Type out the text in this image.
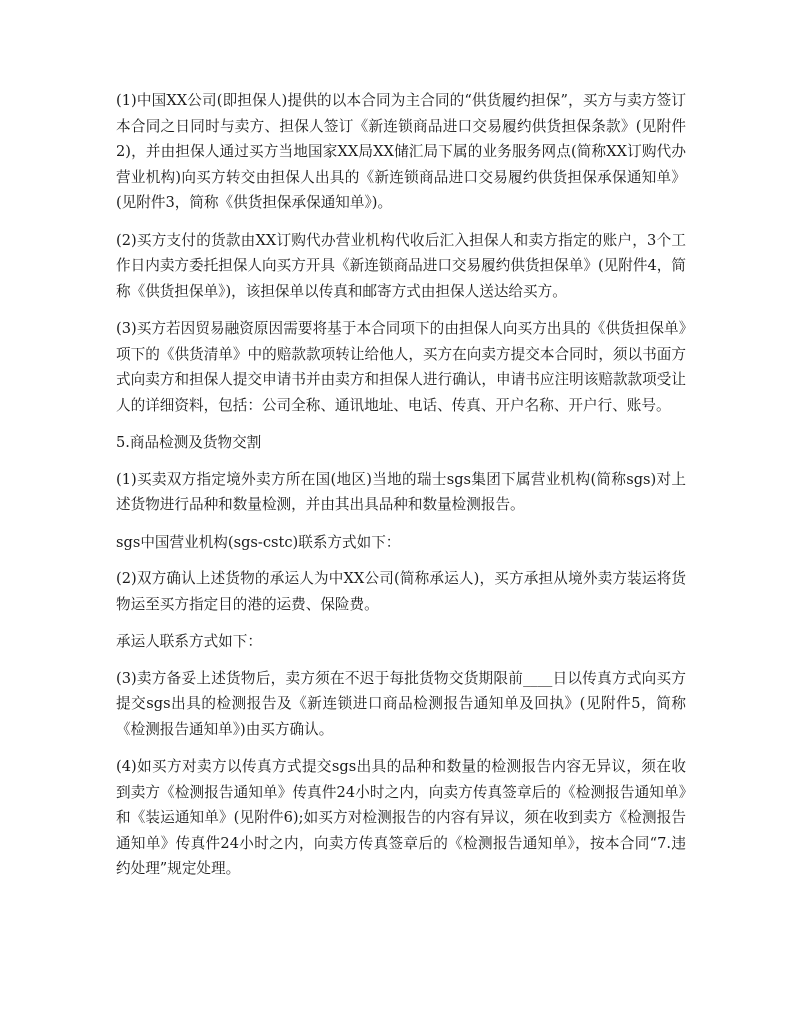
(1)中国XX公司(即担保人)提供的以本合同为主合同的“供货履约担保”，买方与卖方签订本合同之日同时与卖方、担保人签订《新连锁商品进口交易履约供货担保条款》(见附件2)，并由担保人通过买方当地国家XX局XX储汇局下属的业务服务网点(简称XX订购代办营业机构)向买方转交由担保人出具的《新连锁商品进口交易履约供货担保承保通知单》(见附件3，简称《供货担保承保通知单》)。

(2)买方支付的货款由XX订购代办营业机构代收后汇入担保人和卖方指定的账户，3个工作日内卖方委托担保人向买方开具《新连锁商品进口交易履约供货担保单》(见附件4，简称《供货担保单》)，该担保单以传真和邮寄方式由担保人送达给买方。

(3)买方若因贸易融资原因需要将基于本合同项下的由担保人向买方出具的《供货担保单》项下的《供货清单》中的赔款款项转让给他人，买方在向卖方提交本合同时，须以书面方式向卖方和担保人提交申请书并由卖方和担保人进行确认，申请书应注明该赔款款项受让人的详细资料，包括：公司全称、通讯地址、电话、传真、开户名称、开户行、账号。

5.商品检测及货物交割

(1)买卖双方指定境外卖方所在国(地区)当地的瑞士sgs集团下属营业机构(简称sgs)对上述货物进行品种和数量检测，并由其出具品种和数量检测报告。

sgs中国营业机构(sgs-cstc)联系方式如下：

(2)双方确认上述货物的承运人为中XX公司(简称承运人)，买方承担从境外卖方装运将货物运至买方指定目的港的运费、保险费。

承运人联系方式如下：

(3)卖方备妥上述货物后，卖方须在不迟于每批货物交货期限前____日以传真方式向买方提交sgs出具的检测报告及《新连锁进口商品检测报告通知单及回执》(见附件5，简称《检测报告通知单》)由买方确认。

(4)如买方对卖方以传真方式提交sgs出具的品种和数量的检测报告内容无异议，须在收到卖方《检测报告通知单》传真件24小时之内，向卖方传真签章后的《检测报告通知单》和《装运通知单》(见附件6);如买方对检测报告的内容有异议，须在收到卖方《检测报告通知单》传真件24小时之内，向卖方传真签章后的《检测报告通知单》，按本合同“7.违约处理”规定处理。
